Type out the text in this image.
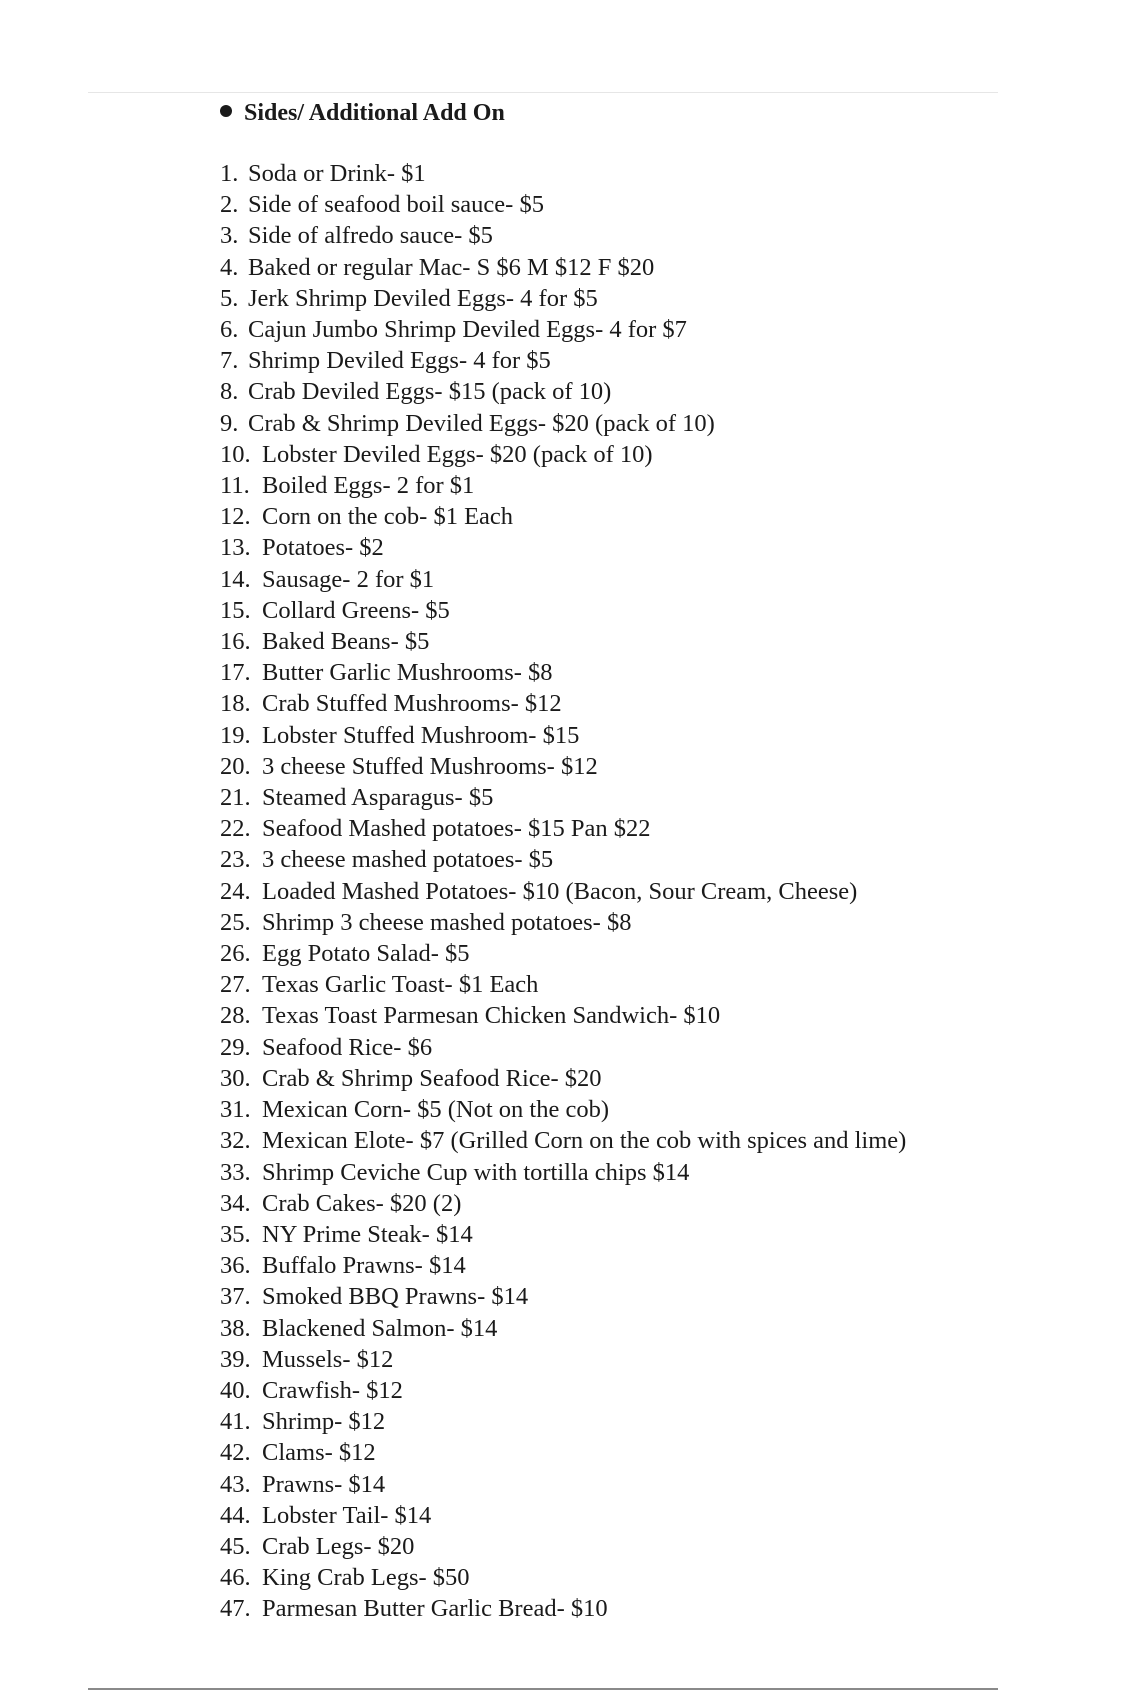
Sides/ Additional Add On
1. Soda or Drink- $1
2. Side of seafood boil sauce- $5
3. Side of alfredo sauce- $5
4. Baked or regular Mac- S $6 M $12 F $20
5. Jerk Shrimp Deviled Eggs- 4 for $5
6. Cajun Jumbo Shrimp Deviled Eggs- 4 for $7
7. Shrimp Deviled Eggs- 4 for $5
8. Crab Deviled Eggs- $15 (pack of 10)
9. Crab & Shrimp Deviled Eggs- $20 (pack of 10)
10. Lobster Deviled Eggs- $20 (pack of 10)
11. Boiled Eggs- 2 for $1
12. Corn on the cob- $1 Each
13. Potatoes- $2
14. Sausage- 2 for $1
15. Collard Greens- $5
16. Baked Beans- $5
17. Butter Garlic Mushrooms- $8
18. Crab Stuffed Mushrooms- $12
19. Lobster Stuffed Mushroom- $15
20. 3 cheese Stuffed Mushrooms- $12
21. Steamed Asparagus- $5
22. Seafood Mashed potatoes- $15 Pan $22
23. 3 cheese mashed potatoes- $5
24. Loaded Mashed Potatoes- $10 (Bacon, Sour Cream, Cheese)
25. Shrimp 3 cheese mashed potatoes- $8
26. Egg Potato Salad- $5
27. Texas Garlic Toast- $1 Each
28. Texas Toast Parmesan Chicken Sandwich- $10
29. Seafood Rice- $6
30. Crab & Shrimp Seafood Rice- $20
31. Mexican Corn- $5 (Not on the cob)
32. Mexican Elote- $7 (Grilled Corn on the cob with spices and lime)
33. Shrimp Ceviche Cup with tortilla chips $14
34. Crab Cakes- $20 (2)
35. NY Prime Steak- $14
36. Buffalo Prawns- $14
37. Smoked BBQ Prawns- $14
38. Blackened Salmon- $14
39. Mussels- $12
40. Crawfish- $12
41. Shrimp- $12
42. Clams- $12
43. Prawns- $14
44. Lobster Tail- $14
45. Crab Legs- $20
46. King Crab Legs- $50
47. Parmesan Butter Garlic Bread- $10
